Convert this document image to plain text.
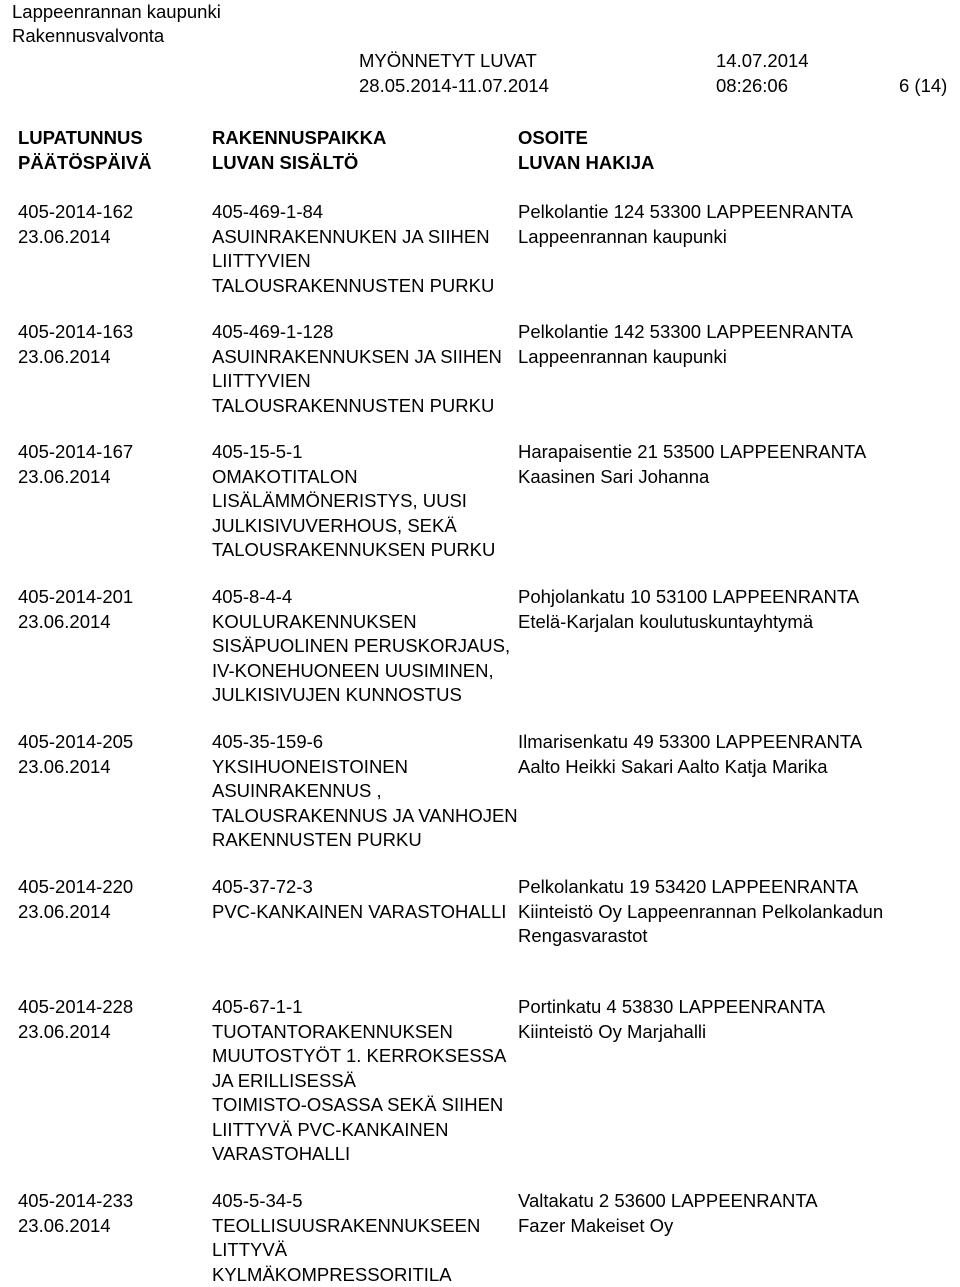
Lappeenrannan kaupunki
Rakennusvalvonta
MYÖNNETYT LUVAT
28.05.2014-11.07.2014
14.07.2014
08:26:06	6 (14)
LUPATUNNUS
PÄÄTÖSPÄIVÄ
RAKENNUSPAIKKA
LUVAN SISÄLTÖ
OSOITE
LUVAN HAKIJA
405-2014-162
23.06.2014
405-469-1-84
ASUINRAKENNUKEN JA SIIHEN
LIITTYVIEN
TALOUSRAKENNUSTEN PURKU
Pelkolantie 124 53300 LAPPEENRANTA
Lappeenrannan kaupunki
405-2014-163
23.06.2014
405-469-1-128
ASUINRAKENNUKSEN JA SIIHEN
LIITTYVIEN
TALOUSRAKENNUSTEN PURKU
Pelkolantie 142 53300 LAPPEENRANTA
Lappeenrannan kaupunki
405-2014-167
23.06.2014
405-15-5-1
OMAKOTITALON
LISÄLÄMMÖNERISTYS, UUSI
JULKISIVUVERHOUS, SEKÄ
TALOUSRAKENNUKSEN PURKU
Harapaisentie 21 53500 LAPPEENRANTA
Kaasinen Sari Johanna
405-2014-201
23.06.2014
405-8-4-4
KOULURAKENNUKSEN
SISÄPUOLINEN PERUSKORJAUS,
IV-KONEHUONEEN UUSIMINEN,
JULKISIVUJEN KUNNOSTUS
Pohjolankatu 10 53100 LAPPEENRANTA
Etelä-Karjalan koulutuskuntayhtymä
405-2014-205
23.06.2014
405-35-159-6
YKSIHUONEISTOINEN
ASUINRAKENNUS ,
TALOUSRAKENNUS JA VANHOJEN
RAKENNUSTEN PURKU
Ilmarisenkatu 49 53300 LAPPEENRANTA
Aalto Heikki Sakari Aalto Katja Marika
405-2014-220
23.06.2014
405-37-72-3
PVC-KANKAINEN VARASTOHALLI
Pelkolankatu 19 53420 LAPPEENRANTA
Kiinteistö Oy Lappeenrannan Pelkolankadun
Rengasvarastot
405-2014-228
23.06.2014
405-67-1-1
TUOTANTORAKENNUKSEN
MUUTOSTYÖT 1. KERROKSESSA
JA ERILLISESSÄ
TOIMISTO-OSASSA SEKÄ SIIHEN
LIITTYVÄ PVC-KANKAINEN
VARASTOHALLI
Portinkatu 4 53830 LAPPEENRANTA
Kiinteistö Oy Marjahalli
405-2014-233
23.06.2014
405-5-34-5
TEOLLISUUSRAKENNUKSEEN
LITTYVÄ
KYLMÄKOMPRESSORITILA
Valtakatu 2 53600 LAPPEENRANTA
Fazer Makeiset Oy
